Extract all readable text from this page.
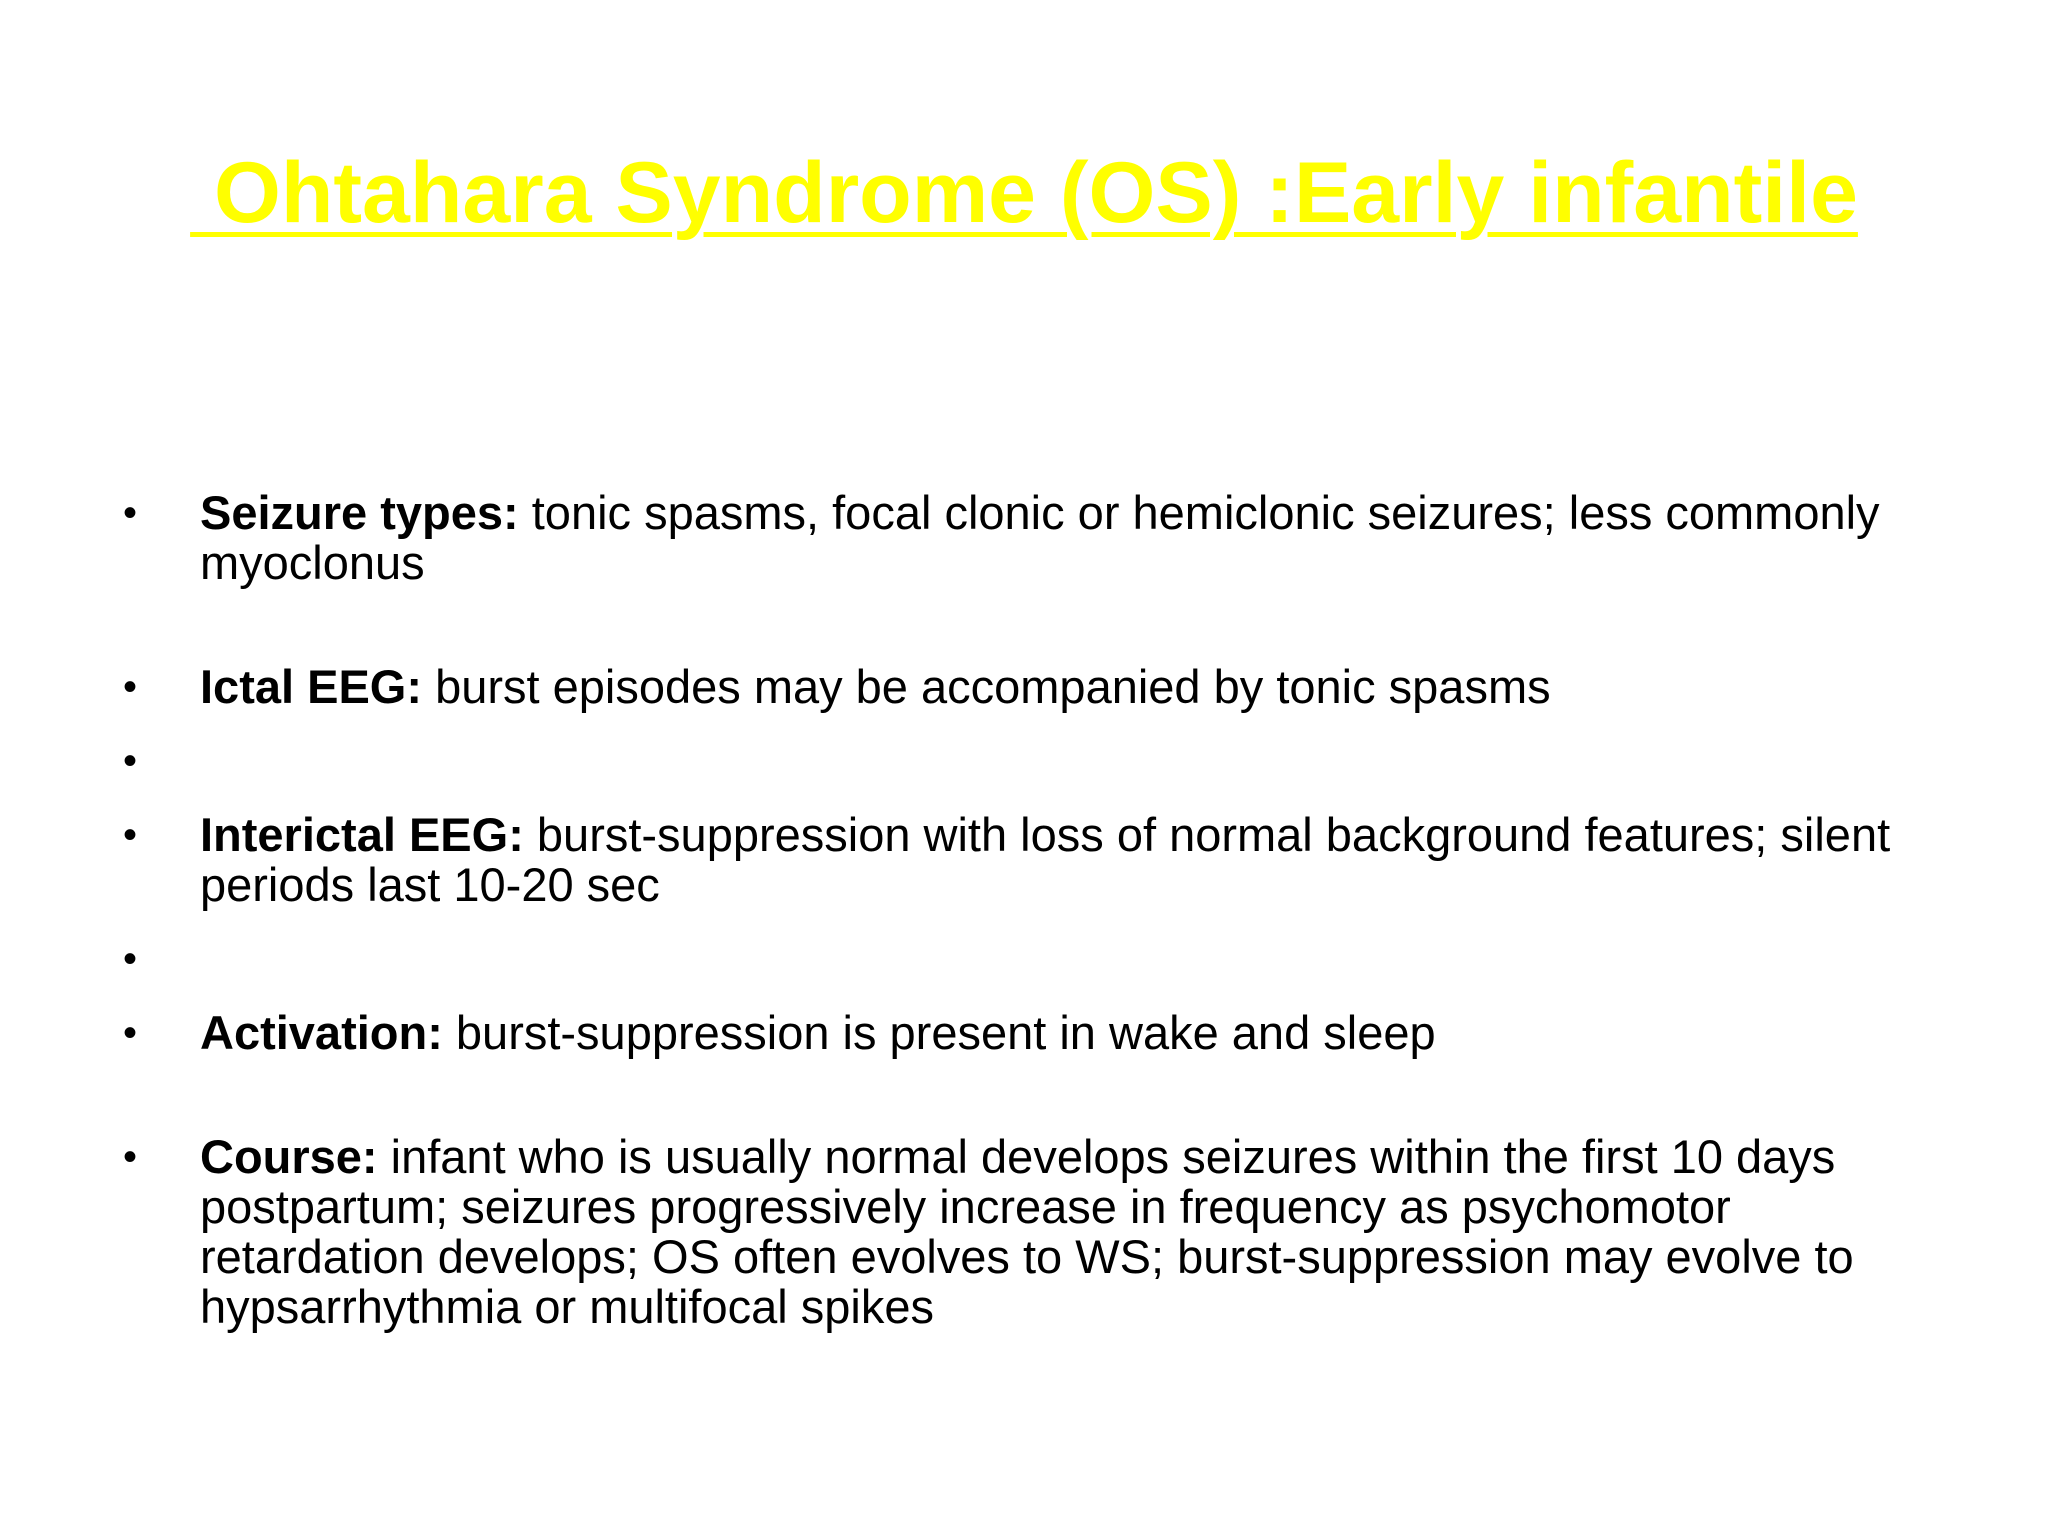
Ohtahara Syndrome (OS) :Early infantile
• Seizure types: tonic spasms, focal clonic or hemiclonic seizures; less commonly
myoclonus
• Ictal EEG: burst episodes may be accompanied by tonic spasms
•
• Interictal EEG: burst-suppression with loss of normal background features; silent
periods last 10-20 sec
•
• Activation: burst-suppression is present in wake and sleep
• Course: infant who is usually normal develops seizures within the first 10 days
postpartum; seizures progressively increase in frequency as psychomotor
retardation develops; OS often evolves to WS; burst-suppression may evolve to
hypsarrhythmia or multifocal spikes
